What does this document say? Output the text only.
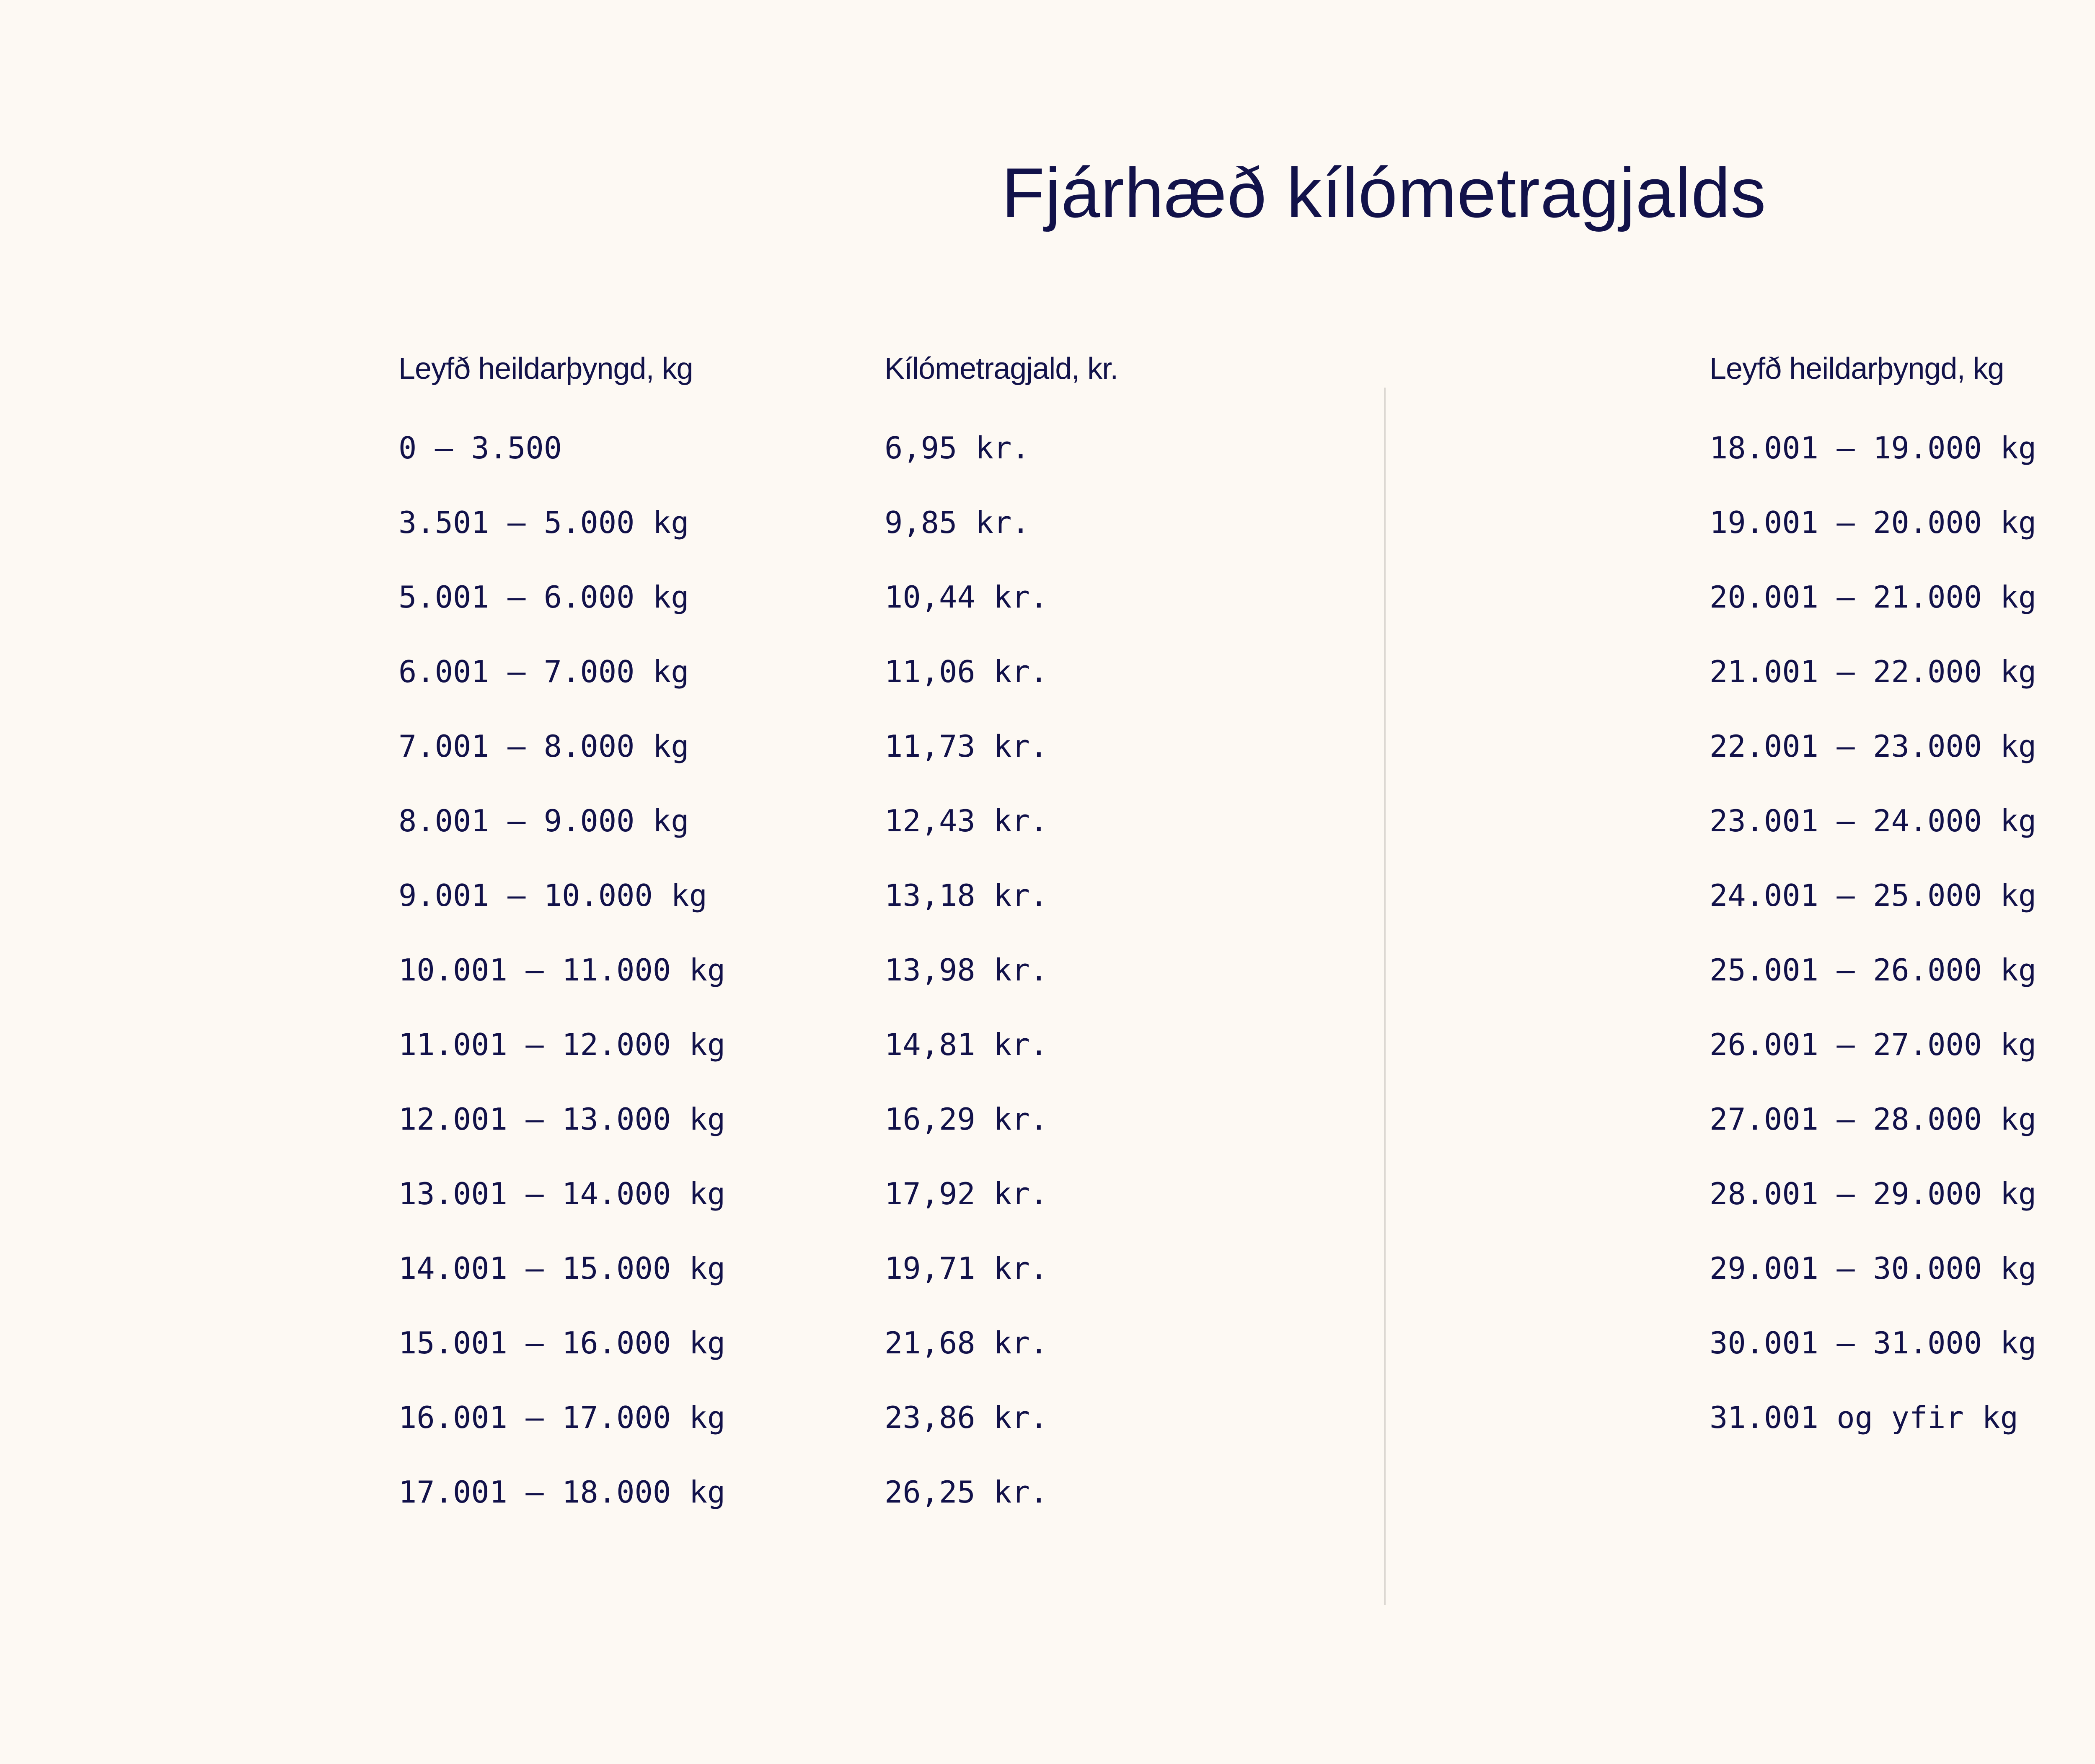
Fjárhæð kílómetragjalds
Leyfð heildarþyngd, kg	Kílómetragjald, kr.
0 – 3.500	6,95 kr.
3.501 – 5.000 kg	9,85 kr.
5.001 – 6.000 kg	10,44 kr.
6.001 – 7.000 kg	11,06 kr.
7.001 – 8.000 kg	11,73 kr.
8.001 – 9.000 kg	12,43 kr.
9.001 – 10.000 kg	13,18 kr.
10.001 – 11.000 kg	13,98 kr.
11.001 – 12.000 kg	14,81 kr.
12.001 – 13.000 kg	16,29 kr.
13.001 – 14.000 kg	17,92 kr.
14.001 – 15.000 kg	19,71 kr.
15.001 – 16.000 kg	21,68 kr.
16.001 – 17.000 kg	23,86 kr.
17.001 – 18.000 kg	26,25 kr.
Leyfð heildarþyngd, kg
18.001 – 19.000 kg
19.001 – 20.000 kg
20.001 – 21.000 kg
21.001 – 22.000 kg
22.001 – 23.000 kg
23.001 – 24.000 kg
24.001 – 25.000 kg
25.001 – 26.000 kg
26.001 – 27.000 kg
27.001 – 28.000 kg
28.001 – 29.000 kg
29.001 – 30.000 kg
30.001 – 31.000 kg
31.001 og yfir kg
